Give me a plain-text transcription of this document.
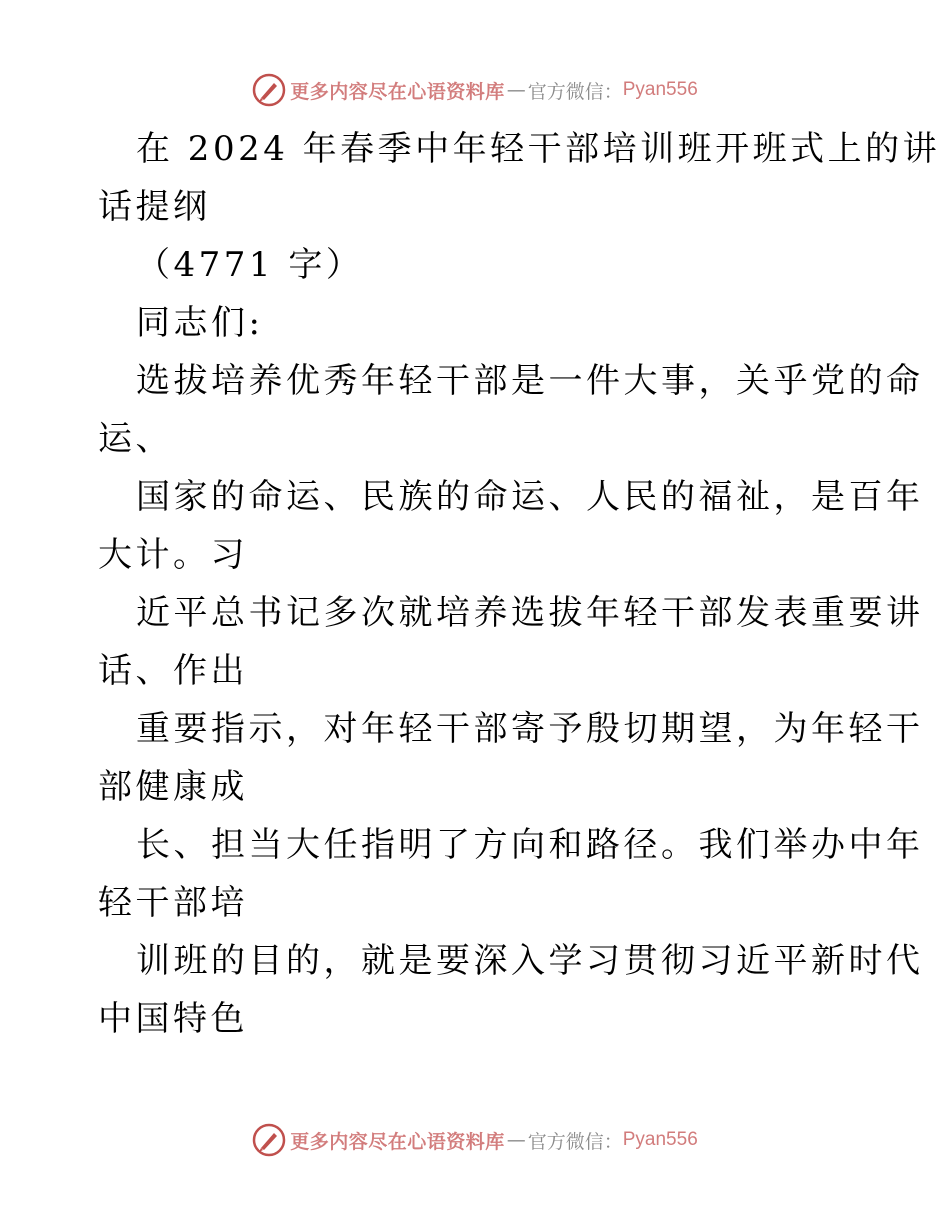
更多内容尽在心语资料库 — 官方微信： Pyan556
在 2024 年春季中年轻干部培训班开班式上的讲
话提纲
（4771 字）
同志们:
选拔培养优秀年轻干部是一件大事，关乎党的命
运、
国家的命运、民族的命运、人民的福祉，是百年
大计。习
近平总书记多次就培养选拔年轻干部发表重要讲
话、作出
重要指示，对年轻干部寄予殷切期望，为年轻干
部健康成
长、担当大任指明了方向和路径。我们举办中年
轻干部培
训班的目的，就是要深入学习贯彻习近平新时代
中国特色
更多内容尽在心语资料库 — 官方微信： Pyan556
